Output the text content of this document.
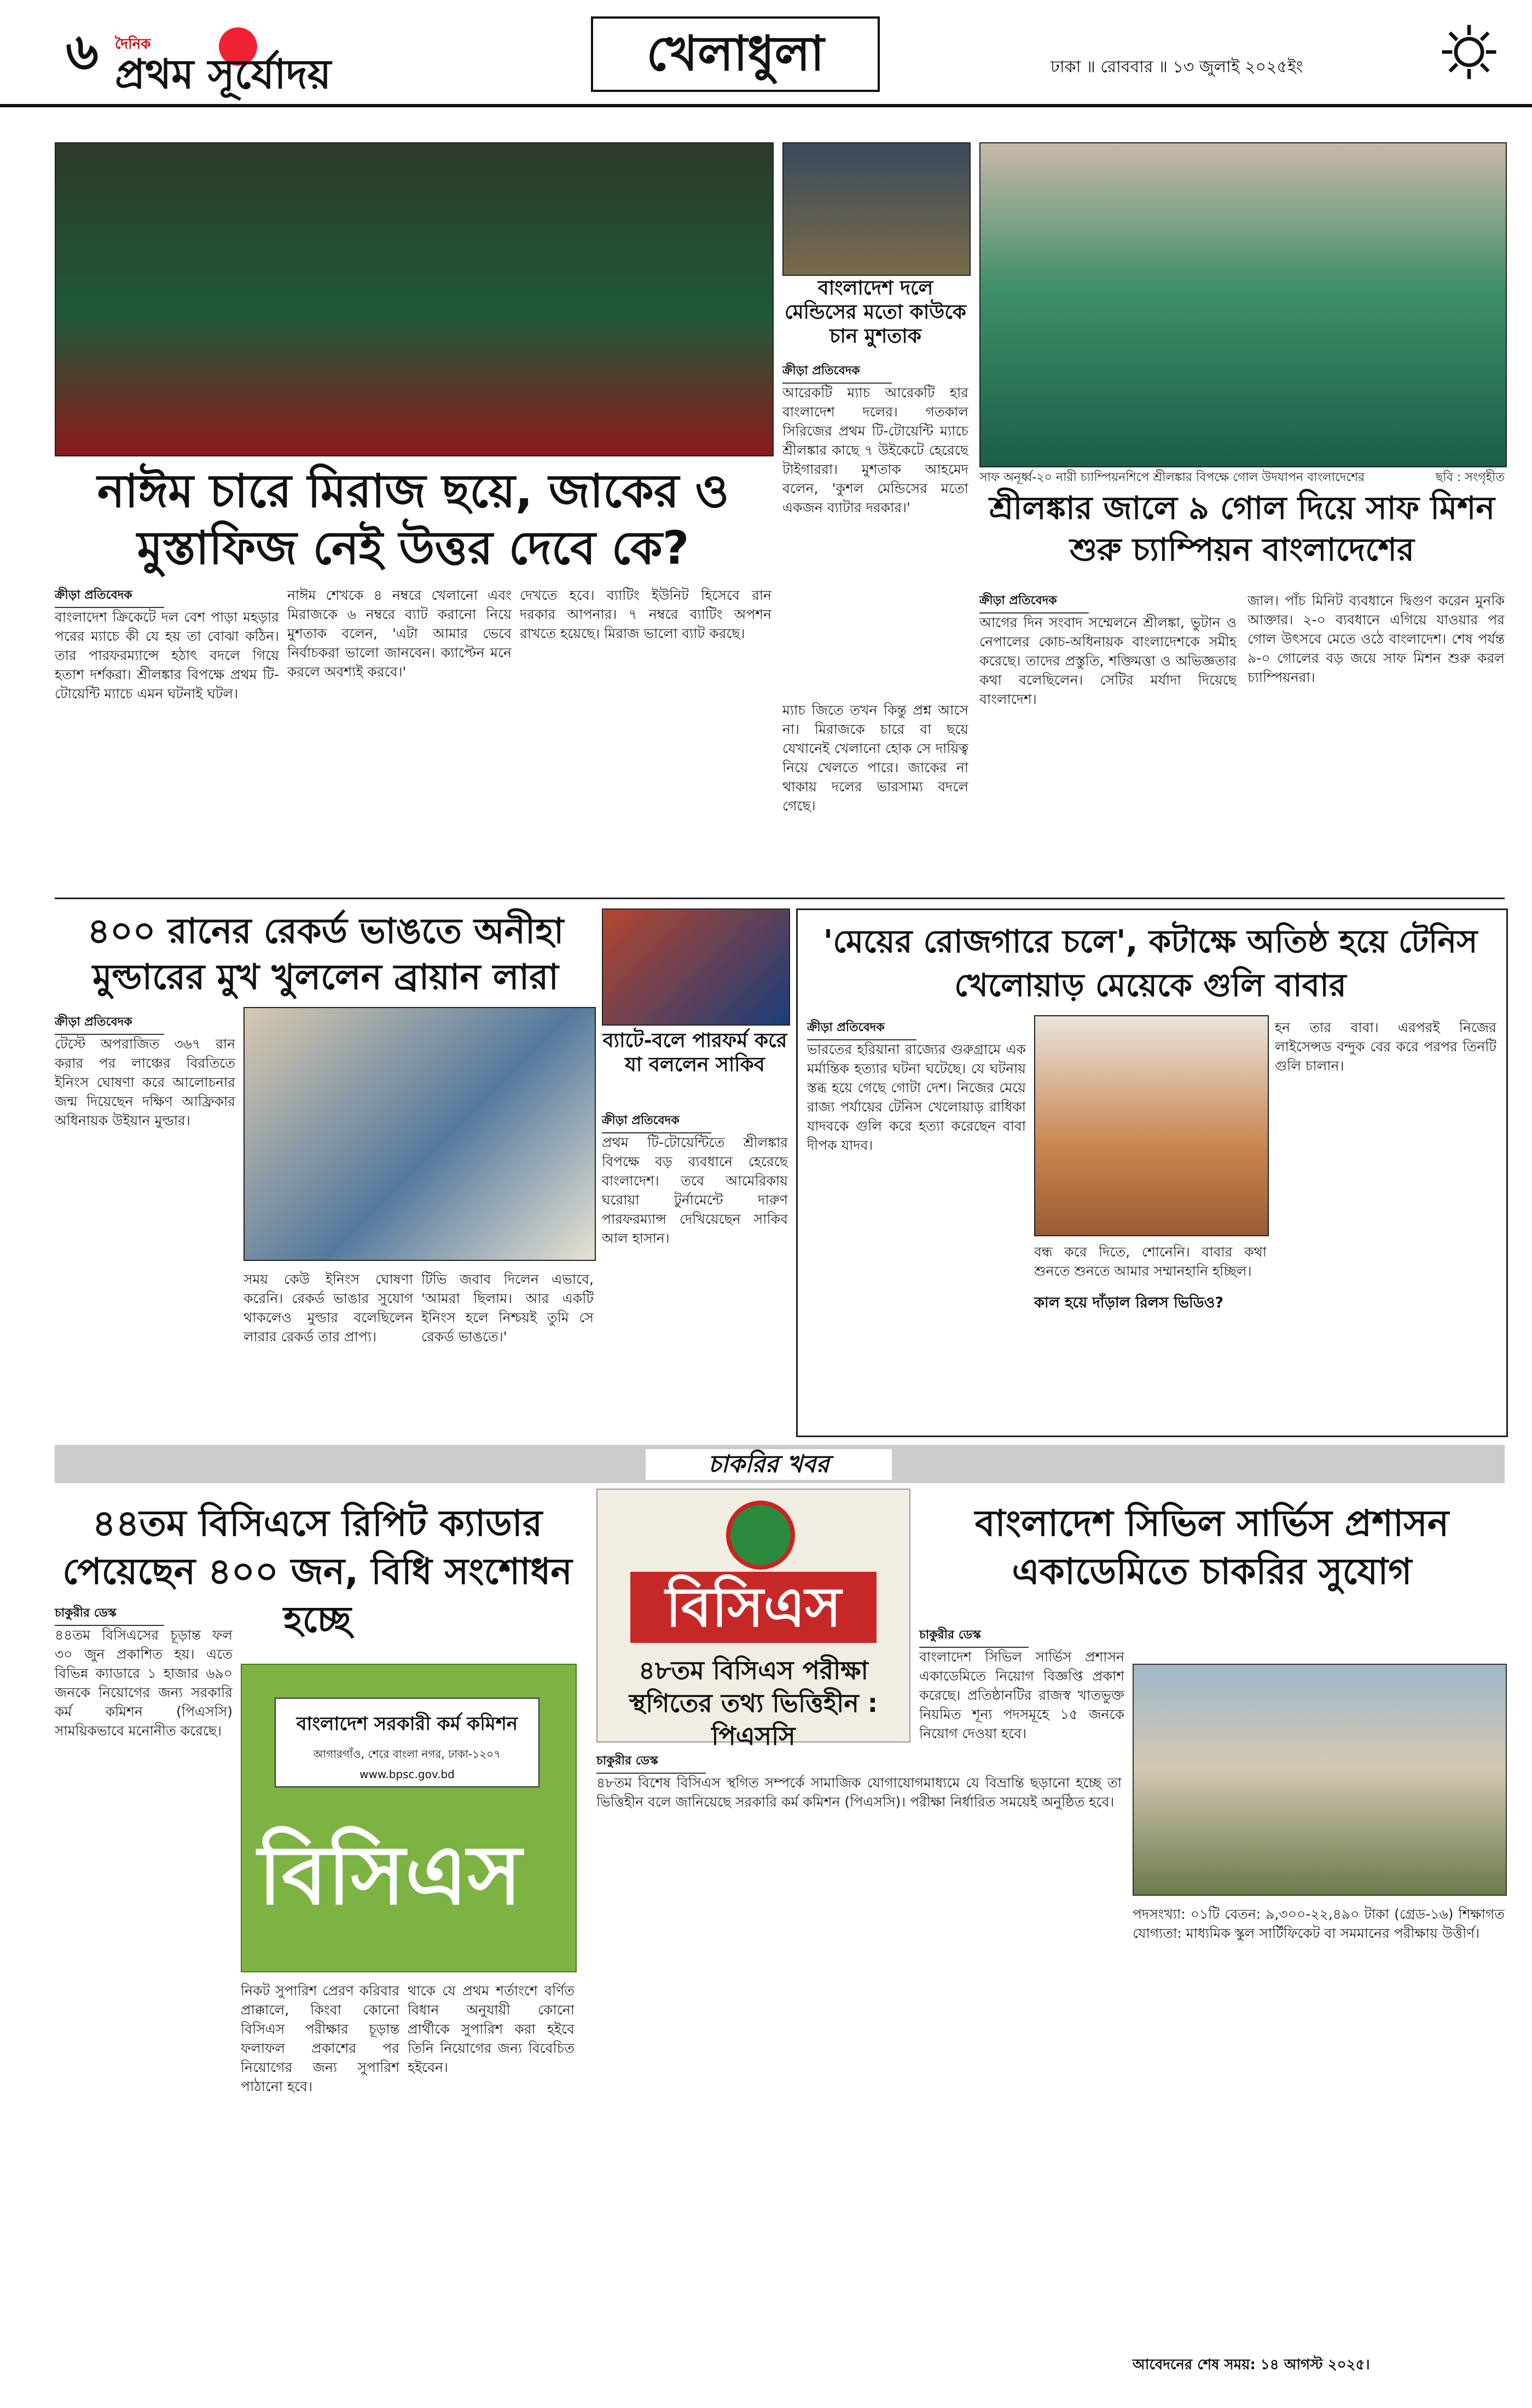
৬	দৈনিক
প্রথম সূর্যোদয়	খেলাধুলা	ঢাকা ॥ রোববার ॥ ১৩ জুলাই ২০২৫ইং
বাংলাদেশ দলে মেন্ডিসের মতো কাউকে চান মুশতাক
ক্রীড়া প্রতিবেদক
আরেকটি ম্যাচ আরেকটি হার বাংলাদেশ দলের। গতকাল সিরিজের প্রথম টি-টোয়েন্টি ম্যাচে শ্রীলঙ্কার কাছে ৭ উইকেটে হেরেছে টাইগাররা। মুশতাক আহমেদ বলেন, 'কুশল মেন্ডিসের মতো একজন ব্যাটার দরকার।'
সাফ অনূর্ধ্ব-২০ নারী চ্যাম্পিয়নশিপে শ্রীলঙ্কার বিপক্ষে গোল উদযাপন বাংলাদেশের	ছবি : সংগৃহীত
শ্রীলঙ্কার জালে ৯ গোল দিয়ে সাফ মিশন শুরু চ্যাম্পিয়ন বাংলাদেশের
ক্রীড়া প্রতিবেদক
আগের দিন সংবাদ সম্মেলনে শ্রীলঙ্কা, ভুটান ও নেপালের কোচ-অধিনায়ক বাংলাদেশকে সমীহ করেছে। তাদের প্রস্তুতি, শক্তিমত্তা ও অভিজ্ঞতার কথা বলেছিলেন। সেটির মর্যাদা দিয়েছে বাংলাদেশ।
জাল। পাঁচ মিনিট ব্যবধানে দ্বিগুণ করেন মুনকি আক্তার। ২-০ ব্যবধানে এগিয়ে যাওয়ার পর গোল উৎসবে মেতে ওঠে বাংলাদেশ। শেষ পর্যন্ত ৯-০ গোলের বড় জয়ে সাফ মিশন শুরু করল চ্যাম্পিয়নরা।
নাঈম চারে মিরাজ ছয়ে, জাকের ও মুস্তাফিজ নেই উত্তর দেবে কে?
ক্রীড়া প্রতিবেদক
বাংলাদেশ ক্রিকেটে দল বেশ পাড়া মহড়ার পরের ম্যাচে কী যে হয় তা বোঝা কঠিন। তার পারফরম্যান্সে হঠাৎ বদলে গিয়ে হতাশ দর্শকরা। শ্রীলঙ্কার বিপক্ষে প্রথম টি-টোয়েন্টি ম্যাচে এমন ঘটনাই ঘটল।
নাঈম শেখকে ৪ নম্বরে খেলানো এবং মিরাজকে ৬ নম্বরে ব্যাট করানো নিয়ে মুশতাক বলেন, 'এটা আমার ভেবে নির্বাচকরা ভালো জানবেন। ক্যাপ্টেন মনে করলে অবশ্যই করবে।'
দেখতে হবে। ব্যাটিং ইউনিট হিসেবে রান দরকার আপনার। ৭ নম্বরে ব্যাটিং অপশন রাখতে হয়েছে। মিরাজ ভালো ব্যাট করছে।
ম্যাচ জিতে তখন কিন্তু প্রশ্ন আসে না। মিরাজকে চারে বা ছয়ে যেখানেই খেলানো হোক সে দায়িত্ব নিয়ে খেলতে পারে। জাকের না থাকায় দলের ভারসাম্য বদলে গেছে।
৪০০ রানের রেকর্ড ভাঙতে অনীহা মুল্ডারের মুখ খুললেন ব্রায়ান লারা
ক্রীড়া প্রতিবেদক
টেস্টে অপরাজিত ৩৬৭ রান করার পর লাঞ্চের বিরতিতে ইনিংস ঘোষণা করে আলোচনার জন্ম দিয়েছেন দক্ষিণ আফ্রিকার অধিনায়ক উইয়ান মুল্ডার।
সময় কেউ ইনিংস ঘোষণা করেনি। রেকর্ড ভাঙার সুযোগ থাকলেও মুল্ডার বলেছিলেন লারার রেকর্ড তার প্রাপ্য।
টিভি জবাব দিলেন এভাবে, 'আমরা ছিলাম। আর একটি ইনিংস হলে নিশ্চয়ই তুমি সে রেকর্ড ভাঙতে।'
ব্যাটে-বলে পারফর্ম করে যা বললেন সাকিব
ক্রীড়া প্রতিবেদক
প্রথম টি-টোয়েন্টিতে শ্রীলঙ্কার বিপক্ষে বড় ব্যবধানে হেরেছে বাংলাদেশ। তবে আমেরিকায় ঘরোয়া টুর্নামেন্টে দারুণ পারফরম্যান্স দেখিয়েছেন সাকিব আল হাসান।
'মেয়ের রোজগারে চলে', কটাক্ষে অতিষ্ঠ হয়ে টেনিস খেলোয়াড় মেয়েকে গুলি বাবার
ক্রীড়া প্রতিবেদক
ভারতের হরিয়ানা রাজ্যের গুরুগ্রামে এক মর্মান্তিক হত্যার ঘটনা ঘটেছে। যে ঘটনায় স্তব্ধ হয়ে গেছে গোটা দেশ। নিজের মেয়ে রাজ্য পর্যায়ের টেনিস খেলোয়াড় রাধিকা যাদবকে গুলি করে হত্যা করেছেন বাবা দীপক যাদব।
বন্ধ করে দিতে, শোনেনি। বাবার কথা শুনতে শুনতে আমার সম্মানহানি হচ্ছিল।
কাল হয়ে দাঁড়াল রিলস ভিডিও?
হন তার বাবা। এরপরই নিজের লাইসেন্সড বন্দুক বের করে পরপর তিনটি গুলি চালান।
চাকরির খবর
৪৪তম বিসিএসে রিপিট ক্যাডার পেয়েছেন ৪০০ জন, বিধি সংশোধন হচ্ছে
চাকুরীর ডেস্ক
৪৪তম বিসিএসের চূড়ান্ত ফল ৩০ জুন প্রকাশিত হয়। এতে বিভিন্ন ক্যাডারে ১ হাজার ৬৯০ জনকে নিয়োগের জন্য সরকারি কর্ম কমিশন (পিএসসি) সাময়িকভাবে মনোনীত করেছে।
নিকট সুপারিশ প্রেরণ করিবার প্রাক্কালে, কিংবা কোনো বিসিএস পরীক্ষার চূড়ান্ত ফলাফল প্রকাশের পর নিয়োগের জন্য সুপারিশ পাঠানো হবে।
থাকে যে প্রথম শর্তাংশে বর্ণিত বিধান অনুযায়ী কোনো প্রার্থীকে সুপারিশ করা হইবে তিনি নিয়োগের জন্য বিবেচিত হইবেন।
বাংলাদেশ সরকারী কর্ম কমিশন
আগারগাঁও, শেরে বাংলা নগর, ঢাকা-১২০৭
www.bpsc.gov.bd
বিসিএস
বিসিএস
৪৮তম বিসিএস পরীক্ষা স্থগিতের তথ্য ভিত্তিহীন : পিএসসি
চাকুরীর ডেস্ক
৪৮তম বিশেষ বিসিএস স্থগিত সম্পর্কে সামাজিক যোগাযোগমাধ্যমে যে বিভ্রান্তি ছড়ানো হচ্ছে তা ভিত্তিহীন বলে জানিয়েছে সরকারি কর্ম কমিশন (পিএসসি)। পরীক্ষা নির্ধারিত সময়েই অনুষ্ঠিত হবে।
বাংলাদেশ সিভিল সার্ভিস প্রশাসন একাডেমিতে চাকরির সুযোগ
চাকুরীর ডেস্ক
বাংলাদেশ সিভিল সার্ভিস প্রশাসন একাডেমিতে নিয়োগ বিজ্ঞপ্তি প্রকাশ করেছে। প্রতিষ্ঠানটির রাজস্ব খাতভুক্ত নিয়মিত শূন্য পদসমূহে ১৫ জনকে নিয়োগ দেওয়া হবে।
পদসংখ্যা: ০১টি বেতন: ৯,৩০০-২২,৪৯০ টাকা (গ্রেড-১৬) শিক্ষাগত যোগ্যতা: মাধ্যমিক স্কুল সার্টিফিকেট বা সমমানের পরীক্ষায় উত্তীর্ণ।
আবেদনের শেষ সময়: ১৪ আগস্ট ২০২৫।
